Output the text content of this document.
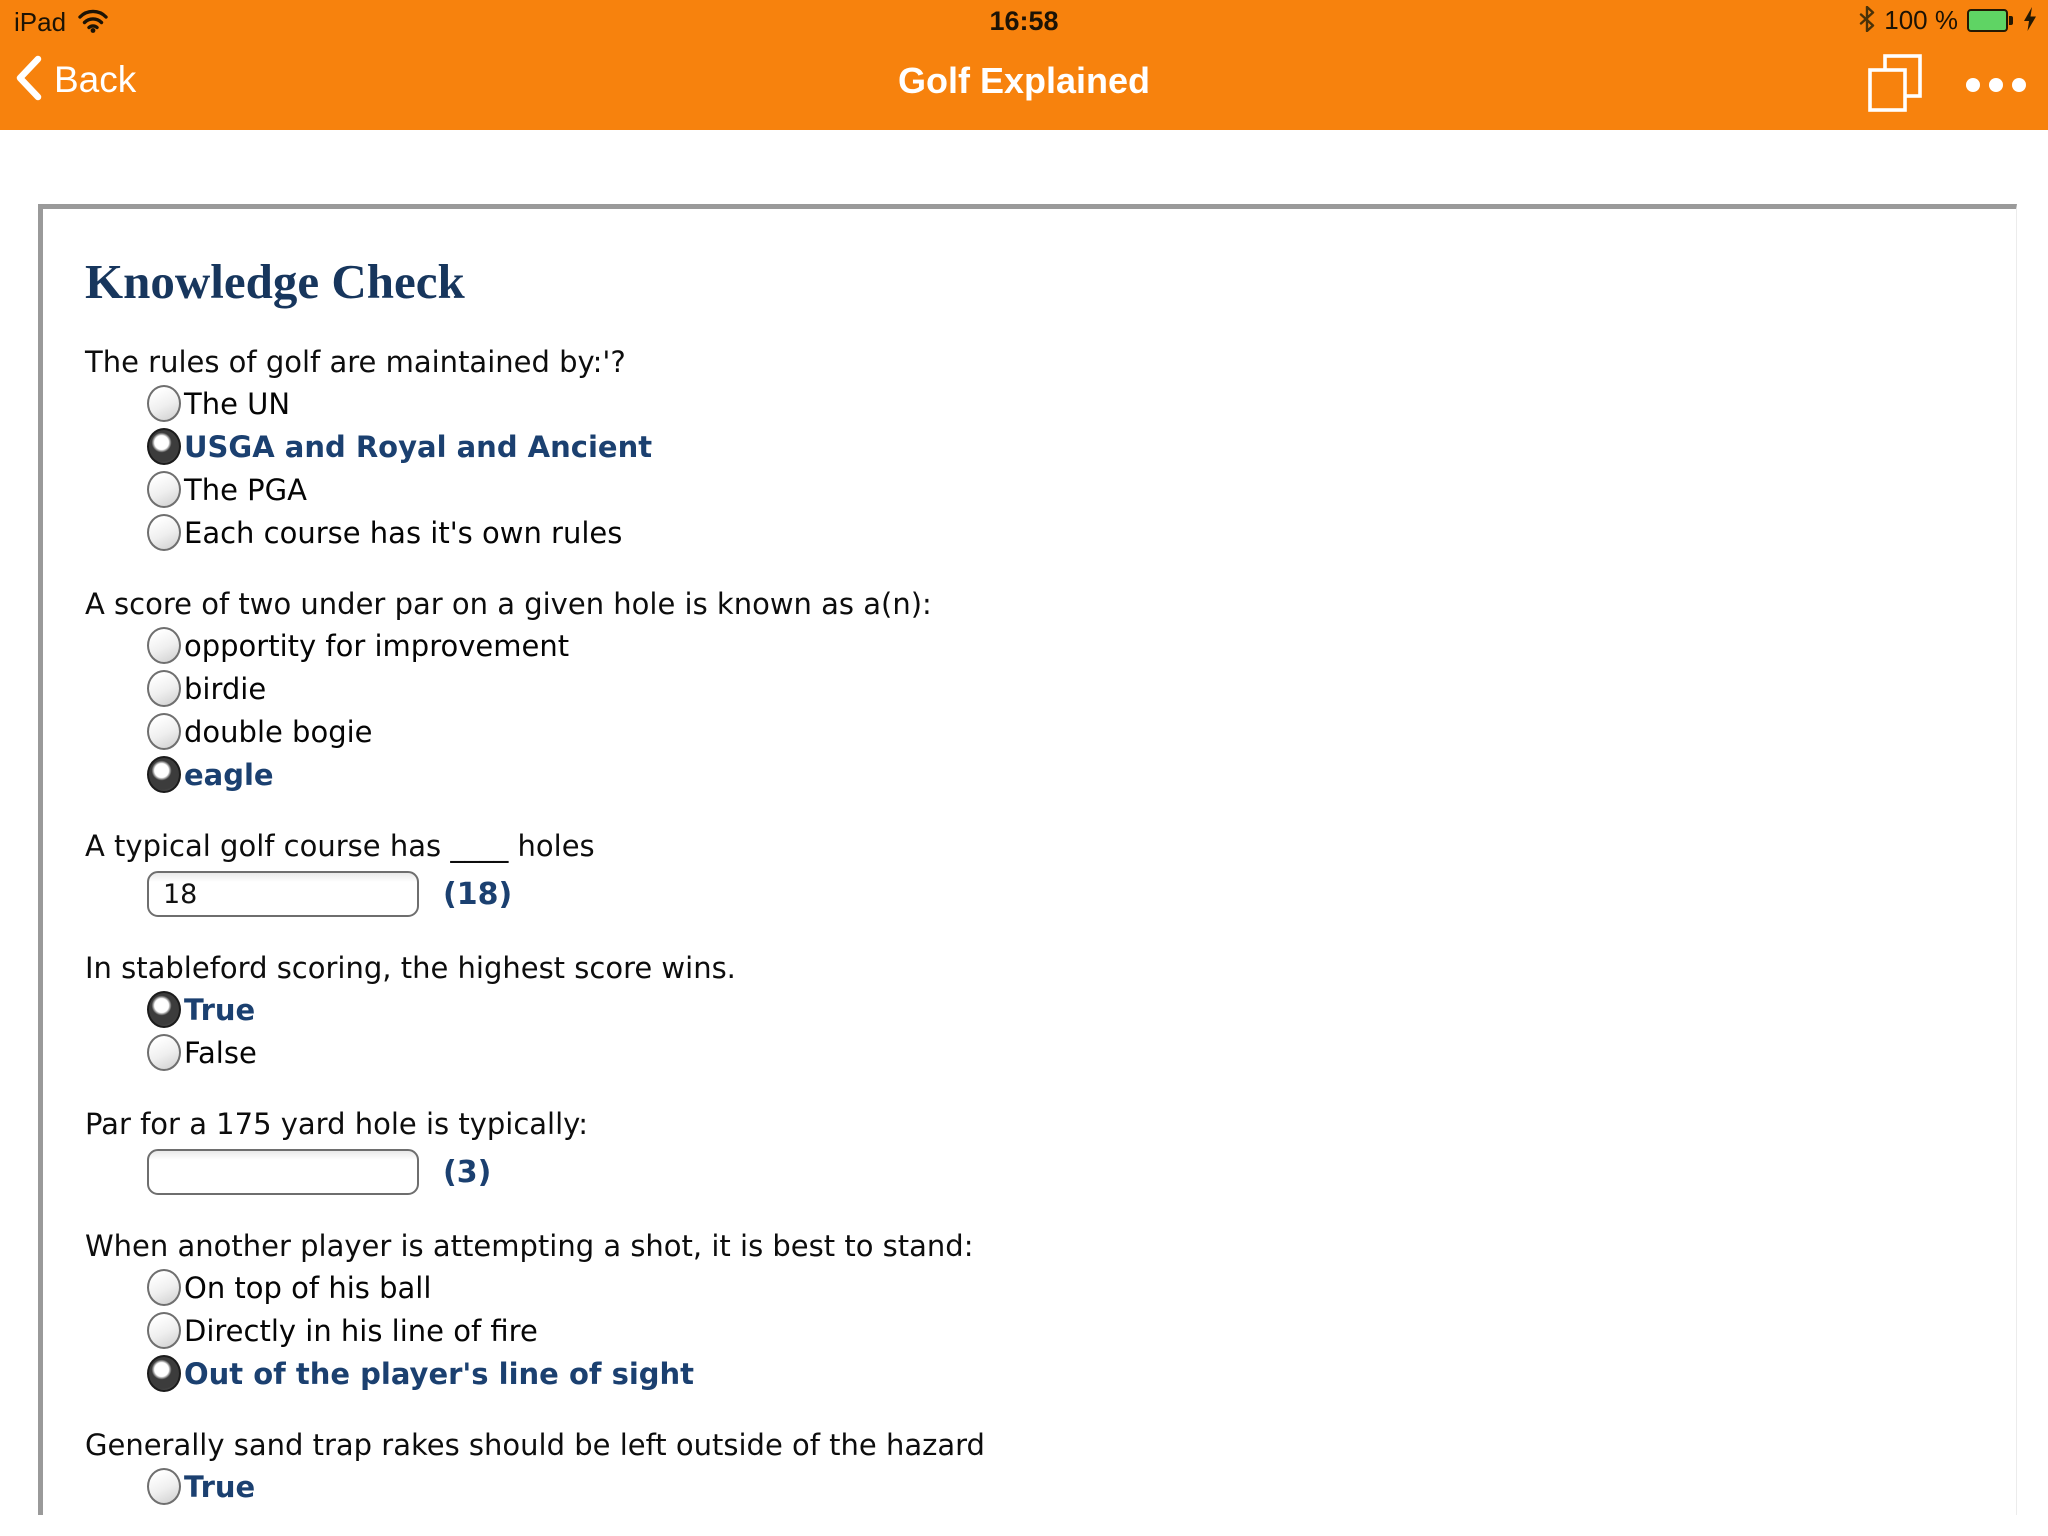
iPad	16:58	100 %
Back	Golf Explained
Knowledge Check
The rules of golf are maintained by:'?
The UN
USGA and Royal and Ancient
The PGA
Each course has it's own rules
A score of two under par on a given hole is known as a(n):
opportity for improvement
birdie
double bogie
eagle
A typical golf course has ____ holes
18
(18)
In stableford scoring, the highest score wins.
True
False
Par for a 175 yard hole is typically:
(3)
When another player is attempting a shot, it is best to stand:
On top of his ball
Directly in his line of fire
Out of the player's line of sight
Generally sand trap rakes should be left outside of the hazard
True
